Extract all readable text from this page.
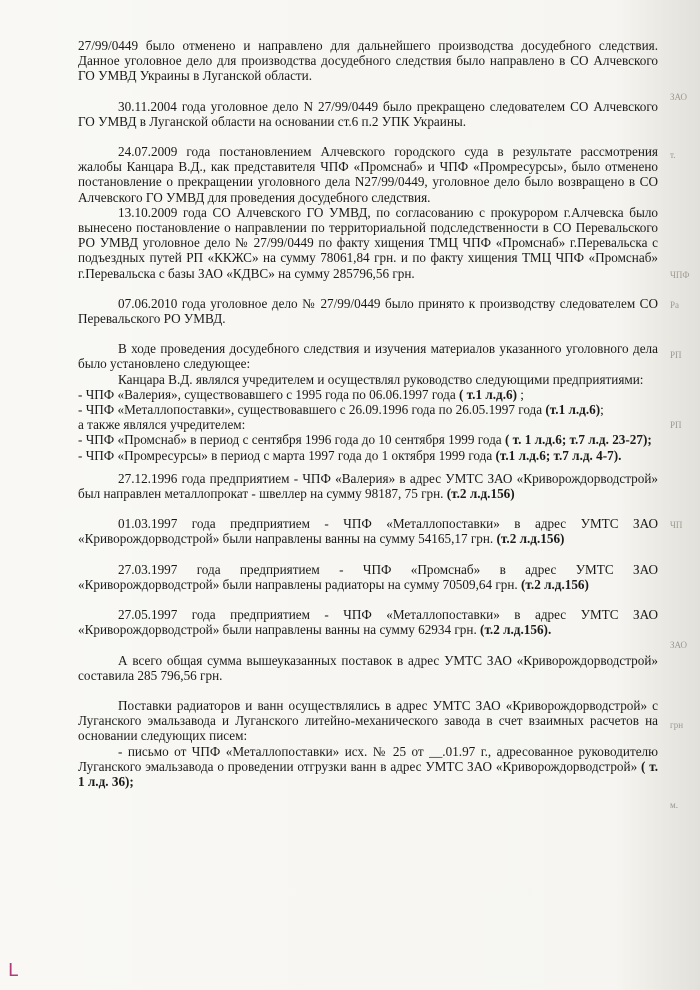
27/99/0449 было отменено и направлено для дальнейшего производства досудебного следствия. Данное уголовное дело для производства досудебного следствия было направлено в СО Алчевского ГО УМВД Украины в Луганской области.

30.11.2004 года уголовное дело N 27/99/0449 было прекращено следователем СО Алчевского ГО УМВД в Луганской области на основании ст.6 п.2 УПК Украины.

24.07.2009 года постановлением Алчевского городского суда в результате рассмотрения жалобы Канцара В.Д., как представителя ЧПФ «Промснаб» и ЧПФ «Промресурсы», было отменено постановление о прекращении уголовного дела N27/99/0449, уголовное дело было возвращено в СО Алчевского ГО УМВД для проведения досудебного следствия.

13.10.2009 года СО Алчевского ГО УМВД, по согласованию с прокурором г.Алчевска было вынесено постановление о направлении по территориальной подследственности в СО Перевальского РО УМВД уголовное дело № 27/99/0449 по факту хищения ТМЦ ЧПФ «Промснаб» г.Перевальска с подъездных путей РП «ККЖС» на сумму 78061,84 грн. и по факту хищения ТМЦ ЧПФ «Промснаб» г.Перевальска с базы ЗАО «КДВС» на сумму 285796,56 грн.

07.06.2010 года уголовное дело № 27/99/0449 было принято к производству следователем СО Перевальского РО УМВД.

В ходе проведения досудебного следствия и изучения материалов указанного уголовного дела было установлено следующее:

Канцара В.Д. являлся учредителем и осуществлял руководство следующими предприятиями:

- ЧПФ «Валерия», существовавшего с 1995 года по 06.06.1997 года ( т.1 л.д.6) ;

- ЧПФ «Металлопоставки», существовавшего с 26.09.1996 года по 26.05.1997 года (т.1 л.д.6);

а также являлся учредителем:

- ЧПФ «Промснаб» в период с сентября 1996 года до 10 сентября 1999 года ( т. 1 л.д.6; т.7 л.д. 23-27);

- ЧПФ «Промресурсы» в период с марта 1997 года до 1 октября 1999 года (т.1 л.д.6; т.7 л.д. 4-7).

27.12.1996 года предприятием - ЧПФ «Валерия» в адрес УМТС ЗАО «Криворождорводстрой» был направлен металлопрокат - швеллер на сумму 98187, 75 грн. (т.2 л.д.156)

01.03.1997 года предприятием - ЧПФ «Металлопоставки» в адрес УМТС ЗАО «Криворождорводстрой» были направлены ванны на сумму 54165,17 грн. (т.2 л.д.156)

27.03.1997 года предприятием - ЧПФ «Промснаб» в адрес УМТС ЗАО «Криворождорводстрой» были направлены радиаторы на сумму 70509,64 грн. (т.2 л.д.156)

27.05.1997 года предприятием - ЧПФ «Металлопоставки» в адрес УМТС ЗАО «Криворождорводстрой» были направлены ванны на сумму 62934 грн. (т.2 л.д.156).

А всего общая сумма вышеуказанных поставок в адрес УМТС ЗАО «Криворождорводстрой» составила 285 796,56 грн.

Поставки радиаторов и ванн осуществлялись в адрес УМТС ЗАО «Криворождорводстрой» с Луганского эмальзавода и Луганского литейно-механического завода в счет взаимных расчетов на основании следующих писем:

- письмо от ЧПФ «Металлопоставки» исх. № 25 от __.01.97 г., адресованное руководителю Луганского эмальзавода о проведении отгрузки ванн в адрес УМТС ЗАО «Криворождорводстрой» ( т. 1 л.д. 36);

ЗАО
т.
ЧПФ
Ра
РП
РП
ЧП
ЗАО
грн
м.
L
